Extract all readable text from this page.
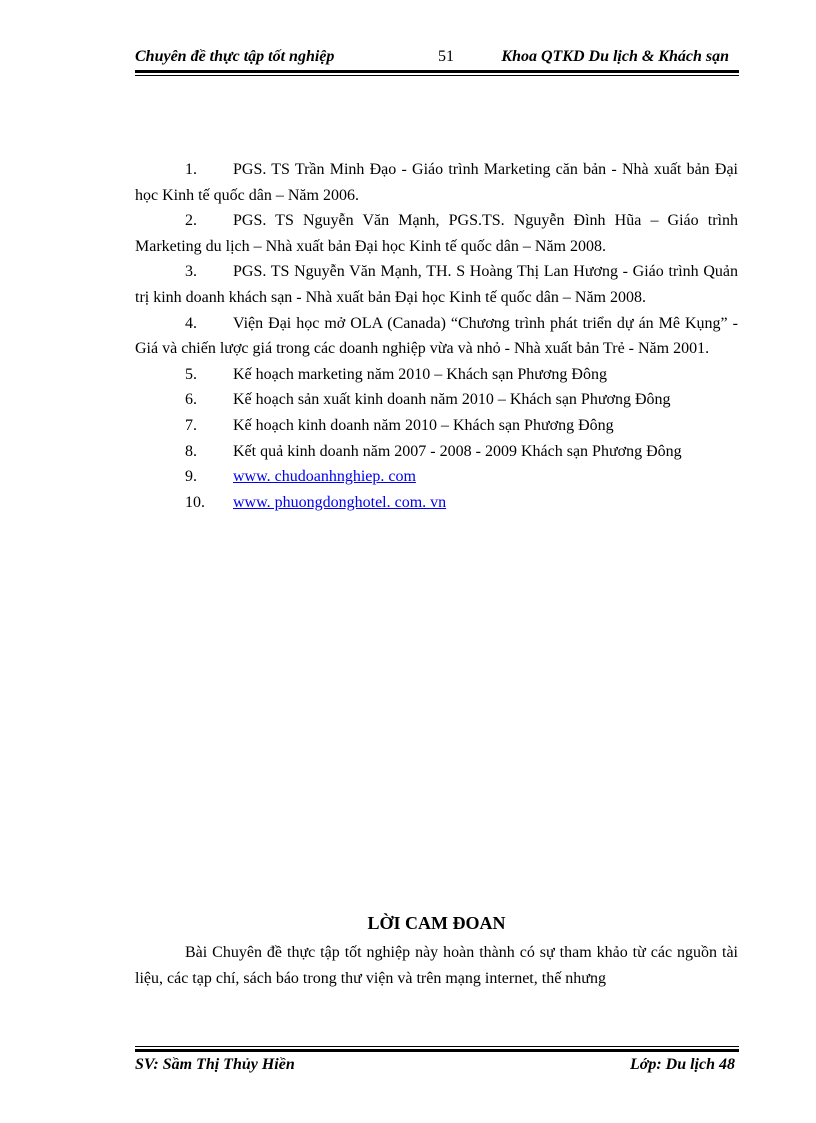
Chuyên đề thực tập tốt nghiệp	51	Khoa QTKD Du lịch & Khách sạn
1. PGS. TS Trần Minh Đạo - Giáo trình Marketing căn bản - Nhà xuất bản Đại học Kinh tế quốc dân – Năm 2006.
2. PGS. TS Nguyễn Văn Mạnh, PGS.TS. Nguyễn Đình Hũa – Giáo trình Marketing du lịch – Nhà xuất bản Đại học Kinh tế quốc dân – Năm 2008.
3. PGS. TS Nguyễn Văn Mạnh, TH. S Hoàng Thị Lan Hương - Giáo trình Quản trị kinh doanh khách sạn - Nhà xuất bản Đại học Kinh tế quốc dân – Năm 2008.
4. Viện Đại học mở OLA (Canada) “Chương trình phát triển dự án Mê Kụng” - Giá và chiến lược giá trong các doanh nghiệp vừa và nhỏ - Nhà xuất bản Trẻ - Năm 2001.
5. Kế hoạch marketing năm 2010 – Khách sạn Phương Đông
6. Kế hoạch sản xuất kinh doanh năm 2010 – Khách sạn Phương Đông
7. Kế hoạch kinh doanh năm 2010 – Khách sạn Phương Đông
8. Kết quả kinh doanh năm 2007 - 2008 - 2009 Khách sạn Phương Đông
9. www. chudoanhnghiep. com
10. www. phuongdonghotel. com. vn
LỜI CAM ĐOAN
Bài Chuyên đề thực tập tốt nghiệp này hoàn thành có sự tham khảo từ các nguồn tài liệu, các tạp chí, sách báo trong thư viện và trên mạng internet, thế nhưng
SV: Sầm Thị Thủy Hiền	Lớp: Du lịch 48
